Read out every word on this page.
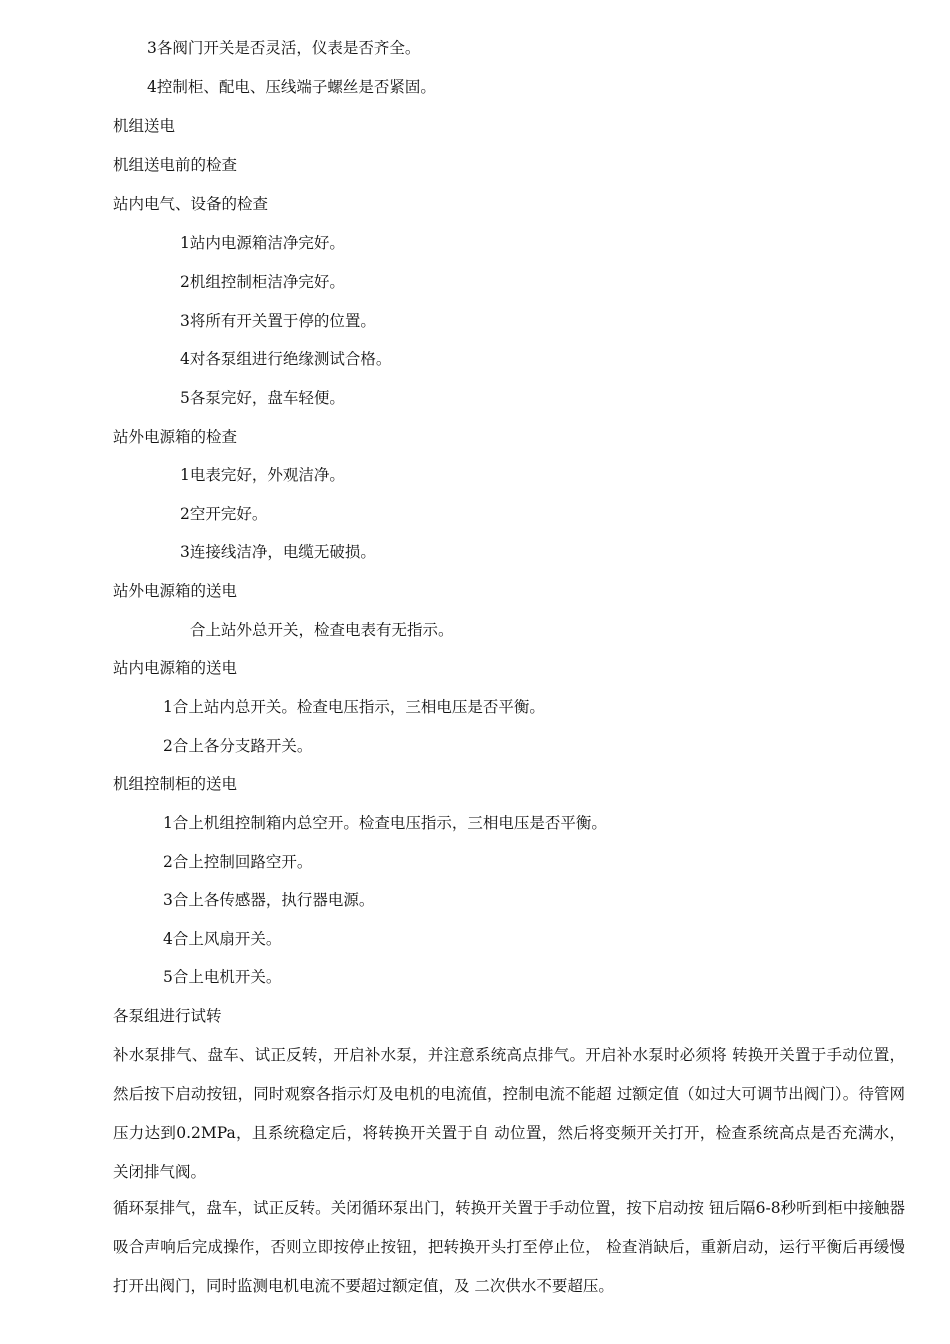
3各阀门开关是否灵活，仪表是否齐全。

4控制柜、配电、压线端子螺丝是否紧固。

机组送电

机组送电前的检查

站内电气、设备的检查

1站内电源箱洁净完好。

2机组控制柜洁净完好。

3将所有开关置于停的位置。

4对各泵组进行绝缘测试合格。

5各泵完好，盘车轻便。

站外电源箱的检查

1电表完好，外观洁净。

2空开完好。

3连接线洁净，电缆无破损。

站外电源箱的送电

合上站外总开关，检查电表有无指示。

站内电源箱的送电

1合上站内总开关。检查电压指示，三相电压是否平衡。

2合上各分支路开关。

机组控制柜的送电

1合上机组控制箱内总空开。检查电压指示，三相电压是否平衡。

2合上控制回路空开。

3合上各传感器，执行器电源。

4合上风扇开关。

5合上电机开关。

各泵组进行试转

补水泵排气、盘车、试正反转，开启补水泵，并注意系统高点排气。开启补水泵时必须将 转换开关置于手动位置，然后按下启动按钮，同时观察各指示灯及电机的电流值，控制电流不能超 过额定值（如过大可调节出阀门）。待管网压力达到0.2MPa，且系统稳定后，将转换开关置于自 动位置，然后将变频开关打开，检查系统高点是否充满水，关闭排气阀。

循环泵排气，盘车，试正反转。关闭循环泵出门，转换开关置于手动位置，按下启动按 钮后隔6-8秒听到柜中接触器吸合声响后完成操作，否则立即按停止按钮，把转换开头打至停止位， 检查消缺后，重新启动，运行平衡后再缓慢打开出阀门，同时监测电机电流不要超过额定值，及 二次供水不要超压。
